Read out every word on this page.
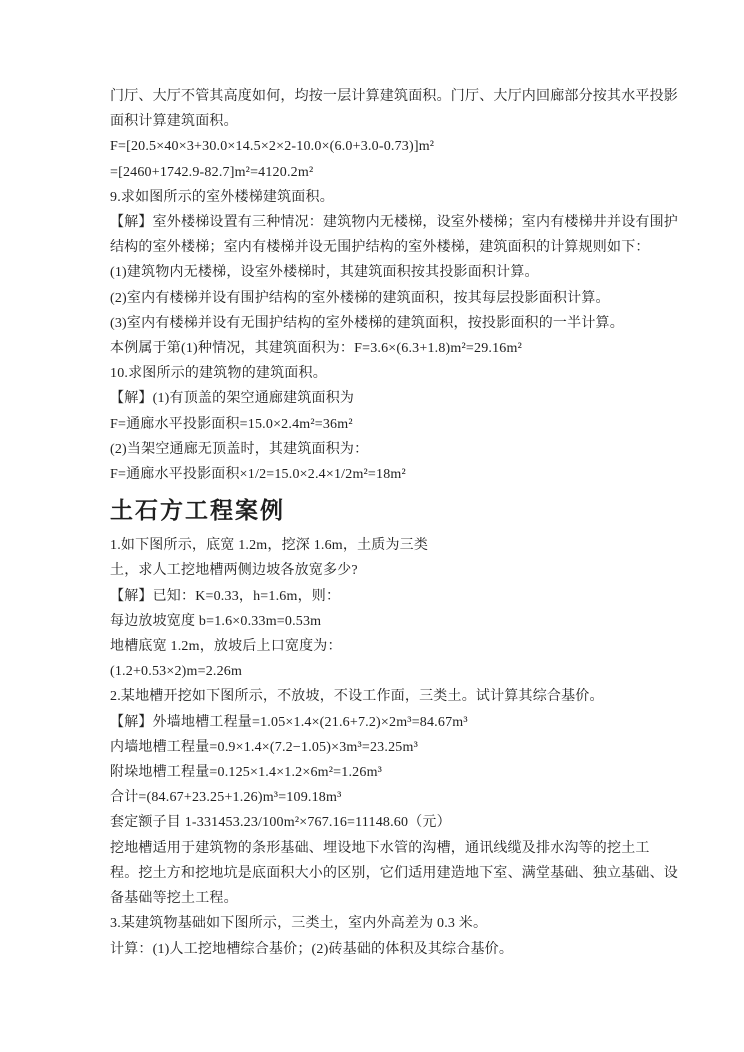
门厅、大厅不管其高度如何，均按一层计算建筑面积。门厅、大厅内回廊部分按其水平投影

面积计算建筑面积。

F=[20.5×40×3+30.0×14.5×2×2-10.0×(6.0+3.0-0.73)]m²

=[2460+1742.9-82.7]m²=4120.2m²

9.求如图所示的室外楼梯建筑面积。

【解】室外楼梯设置有三种情况：建筑物内无楼梯，设室外楼梯；室内有楼梯井并设有围护

结构的室外楼梯；室内有楼梯并设无围护结构的室外楼梯，建筑面积的计算规则如下：

(1)建筑物内无楼梯，设室外楼梯时，其建筑面积按其投影面积计算。

(2)室内有楼梯并设有围护结构的室外楼梯的建筑面积，按其每层投影面积计算。

(3)室内有楼梯并设有无围护结构的室外楼梯的建筑面积，按投影面积的一半计算。

本例属于第(1)种情况，其建筑面积为：F=3.6×(6.3+1.8)m²=29.16m²

10.求图所示的建筑物的建筑面积。

【解】(1)有顶盖的架空通廊建筑面积为

F=通廊水平投影面积=15.0×2.4m²=36m²

(2)当架空通廊无顶盖时，其建筑面积为：

F=通廊水平投影面积×1/2=15.0×2.4×1/2m²=18m²

土石方工程案例

1.如下图所示，底宽 1.2m，挖深 1.6m，土质为三类

土，求人工挖地槽两侧边坡各放宽多少?

【解】已知：K=0.33，h=1.6m，则：

每边放坡宽度 b=1.6×0.33m=0.53m

地槽底宽 1.2m，放坡后上口宽度为：

(1.2+0.53×2)m=2.26m

2.某地槽开挖如下图所示，不放坡，不设工作面，三类土。试计算其综合基价。

【解】外墙地槽工程量=1.05×1.4×(21.6+7.2)×2m³=84.67m³

内墙地槽工程量=0.9×1.4×(7.2−1.05)×3m³=23.25m³

附垛地槽工程量=0.125×1.4×1.2×6m²=1.26m³

合计=(84.67+23.25+1.26)m³=109.18m³

套定额子目 1-331453.23/100m²×767.16=11148.60（元）

挖地槽适用于建筑物的条形基础、埋设地下水管的沟槽，通讯线缆及排水沟等的挖土工

程。挖土方和挖地坑是底面积大小的区别，它们适用建造地下室、满堂基础、独立基础、设

备基础等挖土工程。

3.某建筑物基础如下图所示，三类土，室内外高差为 0.3 米。

计算：(1)人工挖地槽综合基价；(2)砖基础的体积及其综合基价。
